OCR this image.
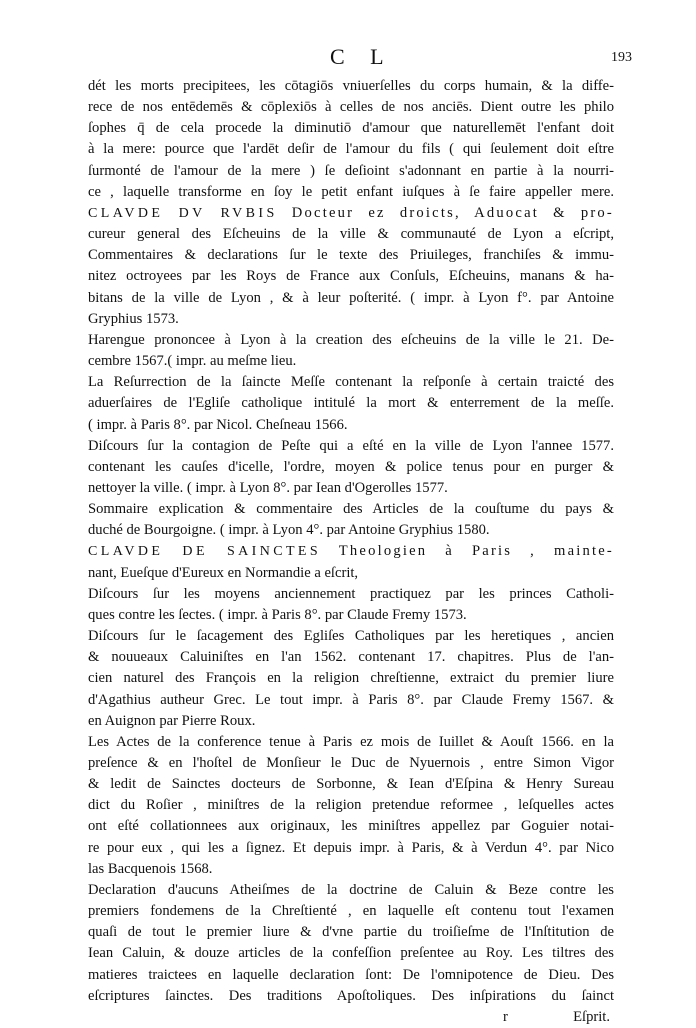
C L	193
dét les morts precipitees, les cōtagiōs vniuerſelles du corps humain, & la diffe-
rece de nos entēdemēs & cōplexiōs à celles de nos anciēs. Dient outre les philo
ſophes q̄ de cela procede la diminutiō d'amour que naturellemēt l'enfant doit
à la mere: pource que l'ardēt deſir de l'amour du fils ( qui ſeulement doit eſtre
ſurmonté de l'amour de la mere ) ſe deſioint s'adonnant en partie à la nourri-
ce , laquelle transforme en ſoy le petit enfant iuſques à ſe faire appeller mere.
CLAVDE DV RVBIS Docteur ez droicts, Aduocat & pro-
cureur general des Eſcheuins de la ville & communauté de Lyon a eſcript,
Commentaires & declarations ſur le texte des Priuileges, franchiſes & immu-
nitez octroyees par les Roys de France aux Conſuls, Eſcheuins, manans & ha-
bitans de la ville de Lyon , & à leur poſterité. ( impr. à Lyon f°. par Antoine
Gryphius 1573.
Harengue prononcee à Lyon à la creation des eſcheuins de la ville le 21. De-
cembre 1567.( impr. au meſme lieu.
La Reſurrection de la ſaincte Meſſe contenant la reſponſe à certain traicté des
aduerſaires de l'Egliſe catholique intitulé la mort & enterrement de la meſſe.
( impr. à Paris 8°. par Nicol. Cheſneau 1566.
Diſcours ſur la contagion de Peſte qui a eſté en la ville de Lyon l'annee 1577.
contenant les cauſes d'icelle, l'ordre, moyen & police tenus pour en purger &
nettoyer la ville. ( impr. à Lyon 8°. par Iean d'Ogerolles 1577.
Sommaire explication & commentaire des Articles de la couſtume du pays &
duché de Bourgoigne. ( impr. à Lyon 4°. par Antoine Gryphius 1580.
CLAVDE DE SAINCTES Theologien à Paris , mainte-
nant, Eueſque d'Eureux en Normandie a eſcrit,
Diſcours ſur les moyens anciennement practiquez par les princes Catholi-
ques contre les ſectes. ( impr. à Paris 8°. par Claude Fremy 1573.
Diſcours ſur le ſacagement des Egliſes Catholiques par les heretiques , ancien
& nouueaux Caluiniſtes en l'an 1562. contenant 17. chapitres. Plus de l'an-
cien naturel des François en la religion chreſtienne, extraict du premier liure
d'Agathius autheur Grec. Le tout impr. à Paris 8°. par Claude Fremy 1567. &
en Auignon par Pierre Roux.
Les Actes de la conference tenue à Paris ez mois de Iuillet & Aouſt 1566. en la
preſence & en l'hoſtel de Monſieur le Duc de Nyuernois , entre Simon Vigor
& ledit de Sainctes docteurs de Sorbonne, & Iean d'Eſpina & Henry Sureau
dict du Roſier , miniſtres de la religion pretendue reformee , leſquelles actes
ont eſté collationnees aux originaux, les miniſtres appellez par Goguier notai-
re pour eux , qui les a ſignez. Et depuis impr. à Paris, & à Verdun 4°. par Nico
las Bacquenois 1568.
Declaration d'aucuns Atheiſmes de la doctrine de Caluin & Beze contre les
premiers fondemens de la Chreſtienté , en laquelle eſt contenu tout l'examen
quaſi de tout le premier liure & d'vne partie du troiſieſme de l'Inſtitution de
Iean Caluin, & douze articles de la confeſſion preſentee au Roy. Les tiltres des
matieres traictees en laquelle declaration ſont: De l'omnipotence de Dieu. Des
eſcriptures ſainctes. Des traditions Apoſtoliques. Des inſpirations du ſainct

r	Eſprit.
